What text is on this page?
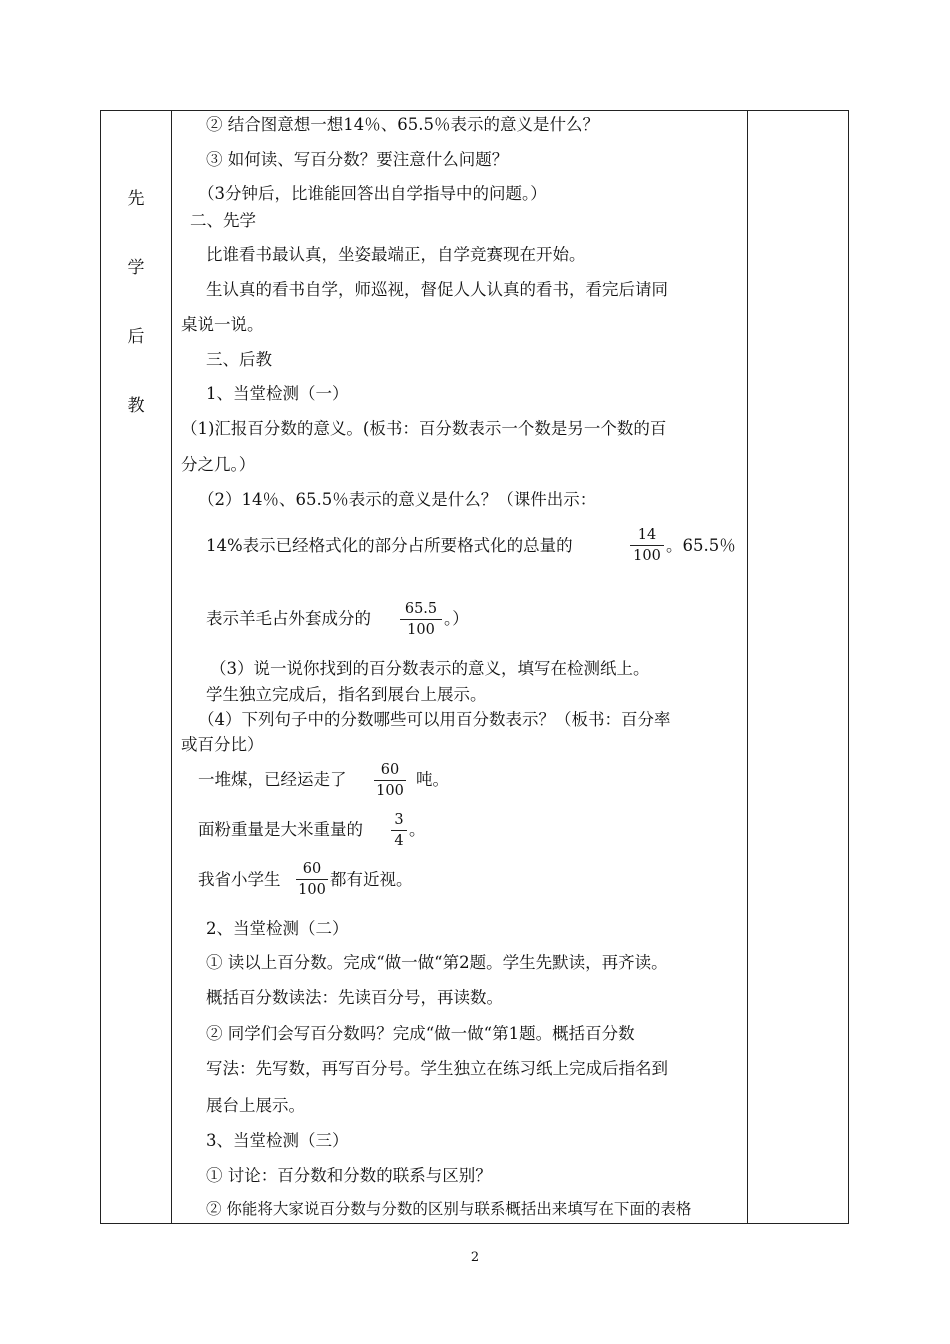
先
学
后
教
② 结合图意想一想14％、65.5％表示的意义是什么？
③ 如何读、写百分数？要注意什么问题？
（3分钟后，比谁能回答出自学指导中的问题。）
二、先学
比谁看书最认真，坐姿最端正，自学竞赛现在开始。
生认真的看书自学，师巡视，督促人人认真的看书，看完后请同
桌说一说。
三、后教
1、当堂检测（一）
（1)汇报百分数的意义。(板书：百分数表示一个数是另一个数的百
分之几。）
（2）14％、65.5％表示的意义是什么？（课件出示：
14%表示已经格式化的部分占所要格式化的总量的
14
100
。65.5％
表示羊毛占外套成分的	65.5
100
。）
（3）说一说你找到的百分数表示的意义，填写在检测纸上。
学生独立完成后，指名到展台上展示。
（4）下列句子中的分数哪些可以用百分数表示？（板书：百分率
或百分比）
一堆煤，已经运走了	60
100
吨。
面粉重量是大米重量的 3
4
。
我省小学生
60
100
都有近视。
2、当堂检测（二）
① 读以上百分数。完成“做一做“第2题。学生先默读，再齐读。
概括百分数读法：先读百分号，再读数。
② 同学们会写百分数吗？完成“做一做“第1题。概括百分数
写法：先写数，再写百分号。学生独立在练习纸上完成后指名到
展台上展示。
3、当堂检测（三）
① 讨论：百分数和分数的联系与区别？
② 你能将大家说百分数与分数的区别与联系概括出来填写在下面的表格
2
